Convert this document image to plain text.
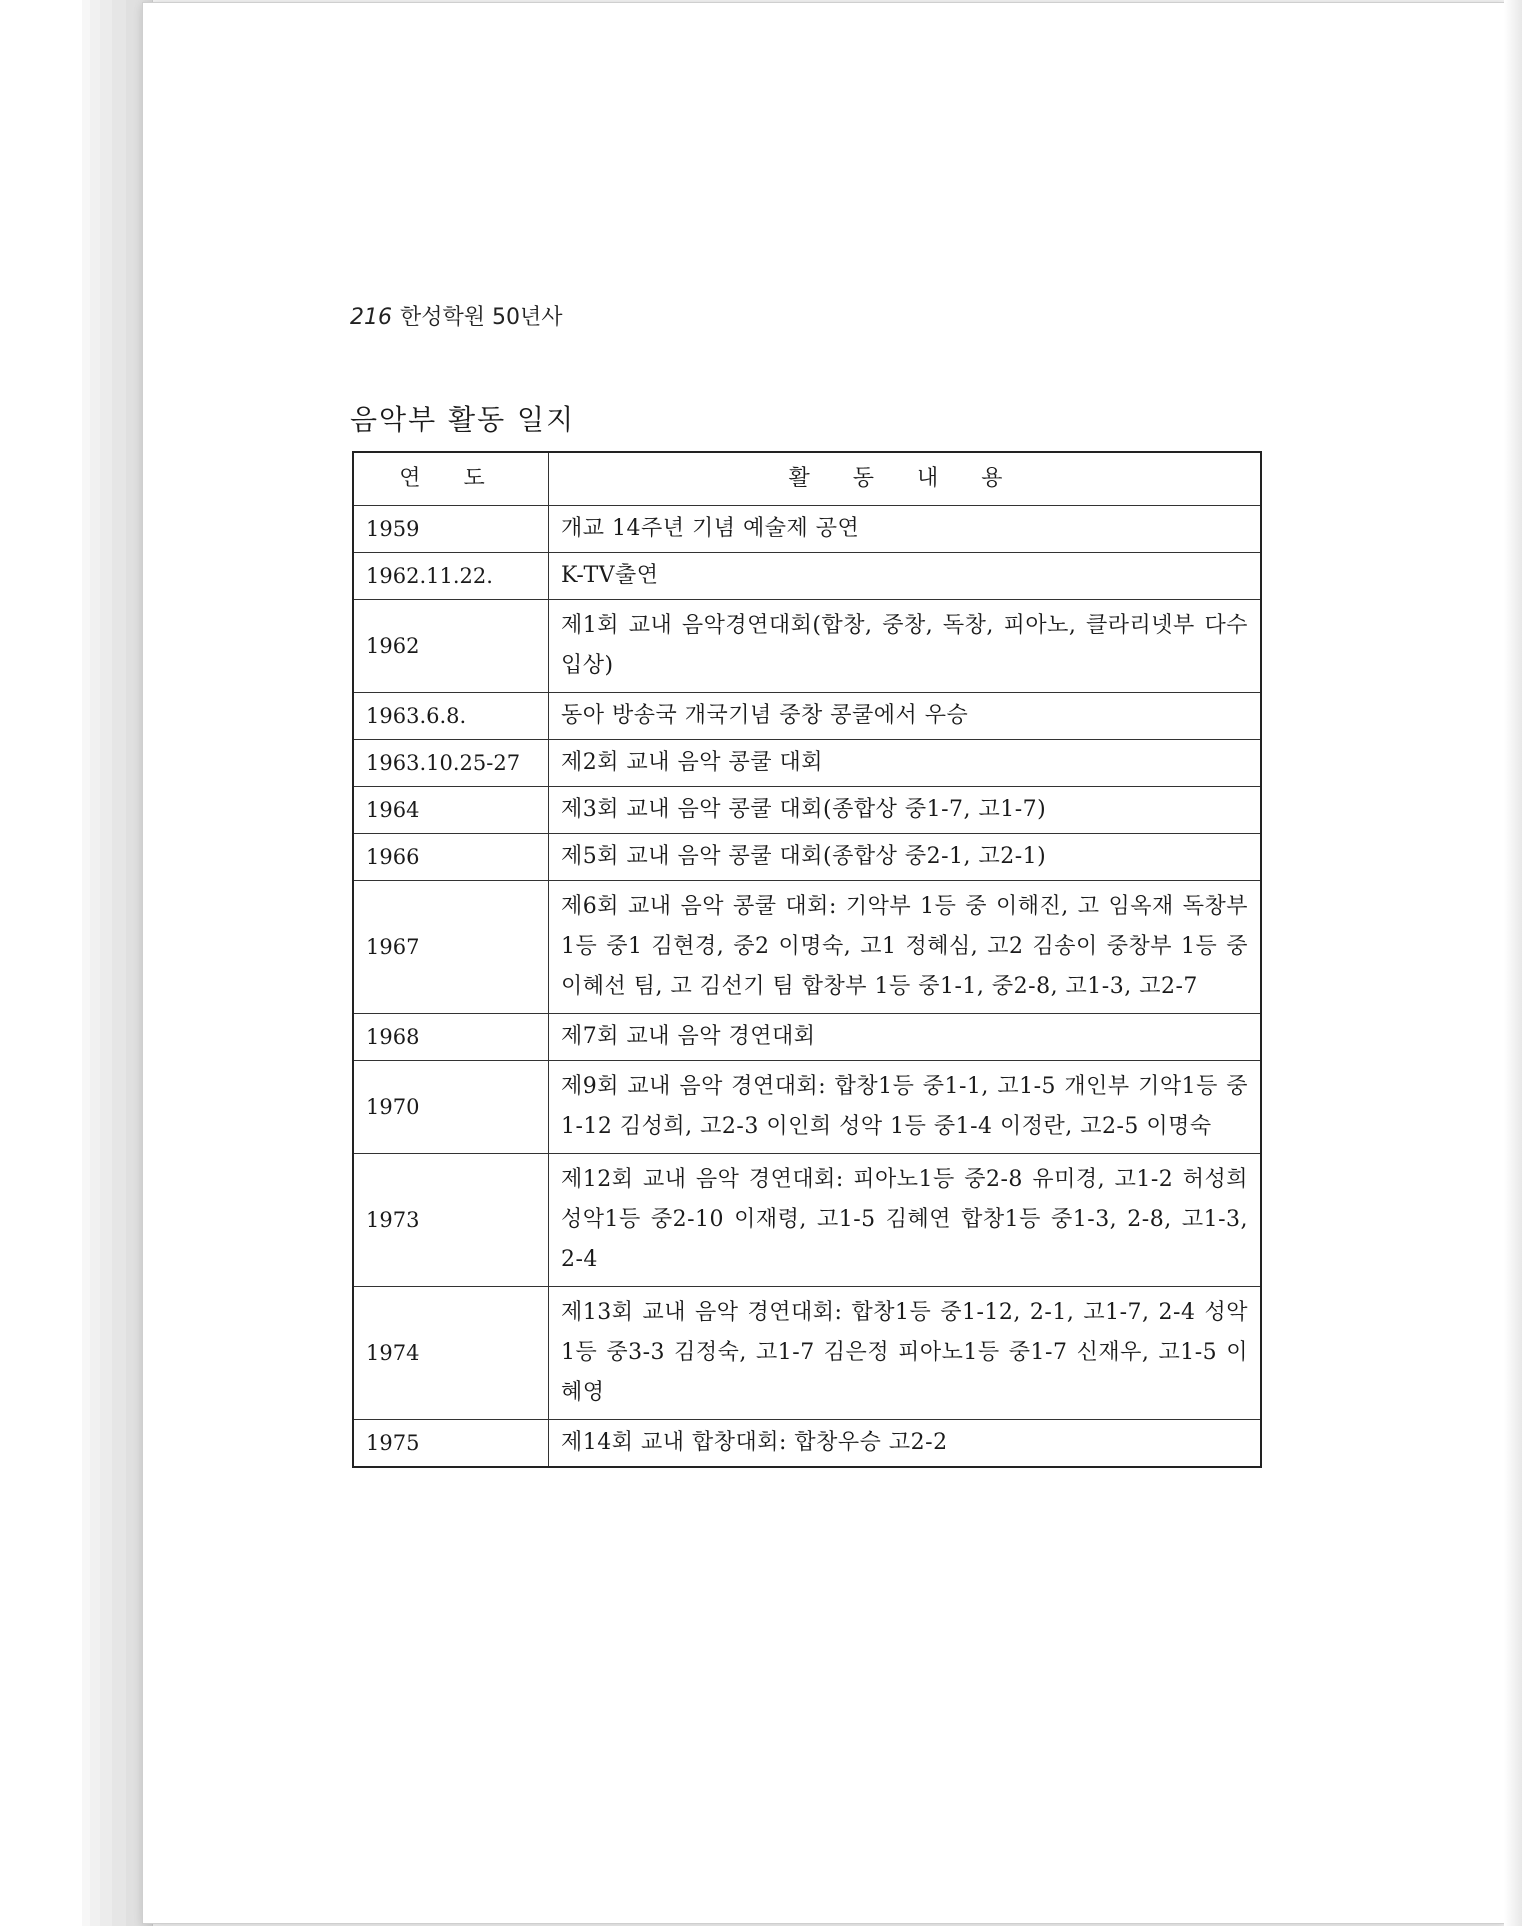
216 한성학원 50년사
음악부 활동 일지
연 도	활 동 내 용
1959	개교 14주년 기념 예술제 공연
1962.11.22.	K-TV출연
1962	제1회 교내 음악경연대회(합창, 중창, 독창, 피아노, 클라리넷부 다수 입상)
1963.6.8.	동아 방송국 개국기념 중창 콩쿨에서 우승
1963.10.25-27	제2회 교내 음악 콩쿨 대회
1964	제3회 교내 음악 콩쿨 대회(종합상 중1-7, 고1-7)
1966	제5회 교내 음악 콩쿨 대회(종합상 중2-1, 고2-1)
1967	제6회 교내 음악 콩쿨 대회: 기악부 1등 중 이해진, 고 임옥재 독창부 1등 중1 김현경, 중2 이명숙, 고1 정혜심, 고2 김송이 중창부 1등 중 이혜선 팀, 고 김선기 팀 합창부 1등 중1-1, 중2-8, 고1-3, 고2-7
1968	제7회 교내 음악 경연대회
1970	제9회 교내 음악 경연대회: 합창1등 중1-1, 고1-5 개인부 기악1등 중1-12 김성희, 고2-3 이인희 성악 1등 중1-4 이정란, 고2-5 이명숙
1973	제12회 교내 음악 경연대회: 피아노1등 중2-8 유미경, 고1-2 허성희 성악1등 중2-10 이재령, 고1-5 김혜연 합창1등 중1-3, 2-8, 고1-3, 2-4
1974	제13회 교내 음악 경연대회: 합창1등 중1-12, 2-1, 고1-7, 2-4 성악1등 중3-3 김정숙, 고1-7 김은정 피아노1등 중1-7 신재우, 고1-5 이혜영
1975	제14회 교내 합창대회: 합창우승 고2-2
